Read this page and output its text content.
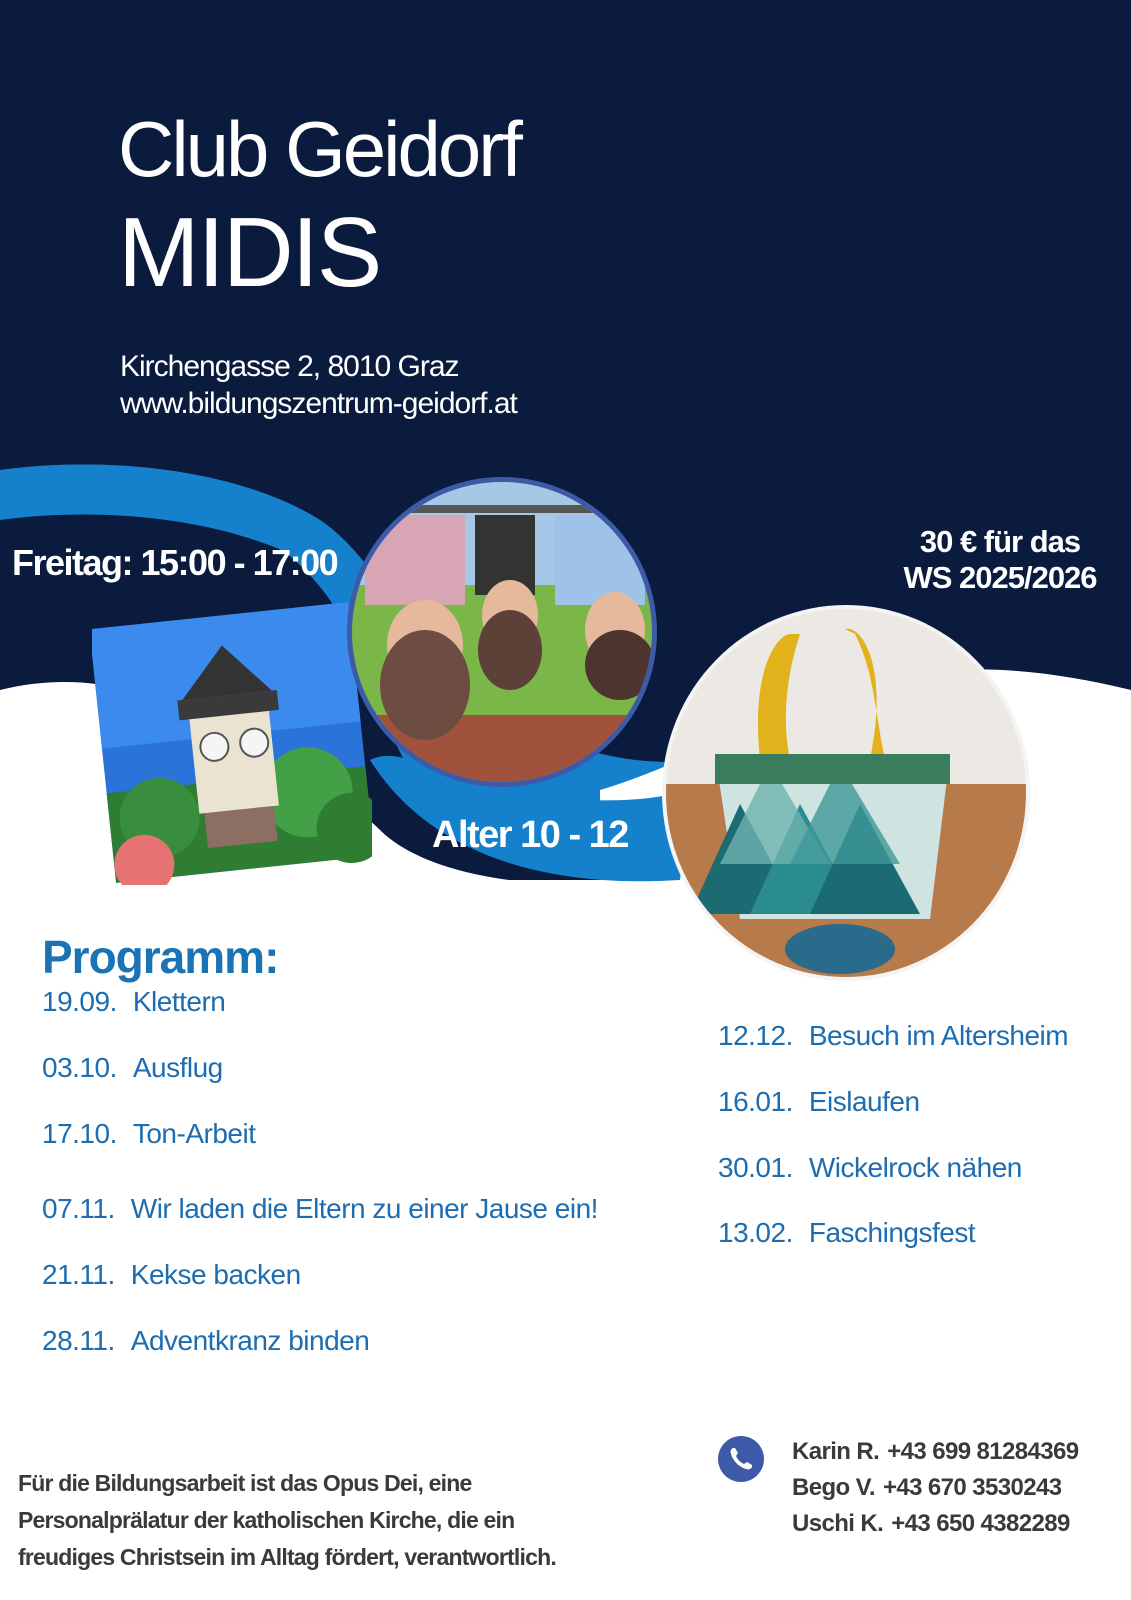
Club Geidorf
MIDIS
Kirchengasse 2, 8010 Graz
www.bildungszentrum-geidorf.at
Freitag: 15:00 - 17:00
30 € für das
WS 2025/2026
Alter 10 - 12
Programm:
19.09. Klettern
03.10. Ausflug
17.10. Ton-Arbeit
07.11. Wir laden die Eltern zu einer Jause ein!
21.11. Kekse backen
28.11. Adventkranz binden
12.12. Besuch im Altersheim
16.01. Eislaufen
30.01. Wickelrock nähen
13.02. Faschingsfest
Für die Bildungsarbeit ist das Opus Dei, eine
Personalprälatur der katholischen Kirche, die ein
freudiges Christsein im Alltag fördert, verantwortlich.
Karin R. +43 699 81284369
Bego V. +43 670 3530243
Uschi K. +43 650 4382289
